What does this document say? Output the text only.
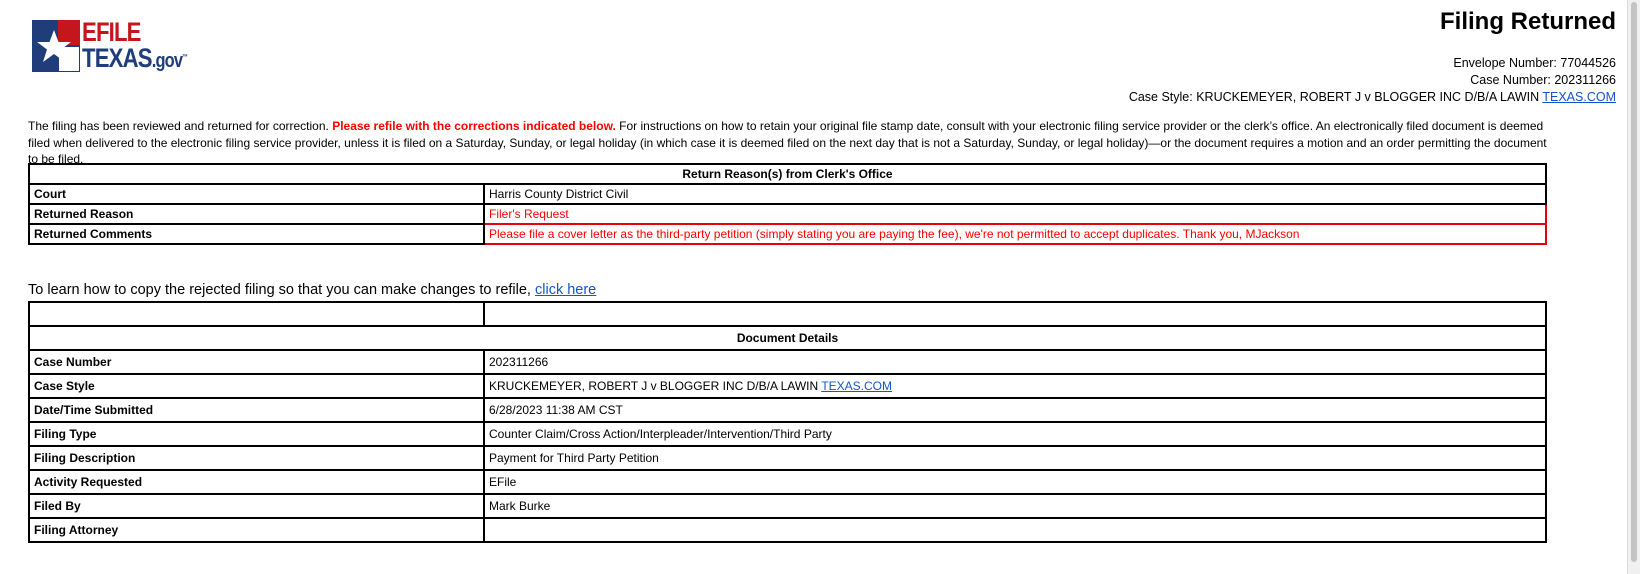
EFILE
TEXAS.gov™
Filing Returned
Envelope Number: 77044526
Case Number: 202311266
Case Style: KRUCKEMEYER, ROBERT J v BLOGGER INC D/B/A LAWIN TEXAS.COM
The filing has been reviewed and returned for correction. Please refile with the corrections indicated below. For instructions on how to retain your original file stamp date, consult with your electronic filing service provider or the clerk’s office. An electronically filed document is deemed filed when delivered to the electronic filing service provider, unless it is filed on a Saturday, Sunday, or legal holiday (in which case it is deemed filed on the next day that is not a Saturday, Sunday, or legal holiday)—or the document requires a motion and an order permitting the document to be filed.
Return Reason(s) from Clerk's Office	
Court	Harris County District Civil
Returned Reason	Filer's Request
Returned Comments	Please file a cover letter as the third-party petition (simply stating you are paying the fee), we're not permitted to accept duplicates. Thank you, MJackson
To learn how to copy the rejected filing so that you can make changes to refile, click here

Document Details	
Case Number	202311266
Case Style	KRUCKEMEYER, ROBERT J v BLOGGER INC D/B/A LAWIN TEXAS.COM
Date/Time Submitted	6/28/2023 11:38 AM CST
Filing Type	Counter Claim/Cross Action/Interpleader/Intervention/Third Party
Filing Description	Payment for Third Party Petition
Activity Requested	EFile
Filed By	Mark Burke
Filing Attorney	
